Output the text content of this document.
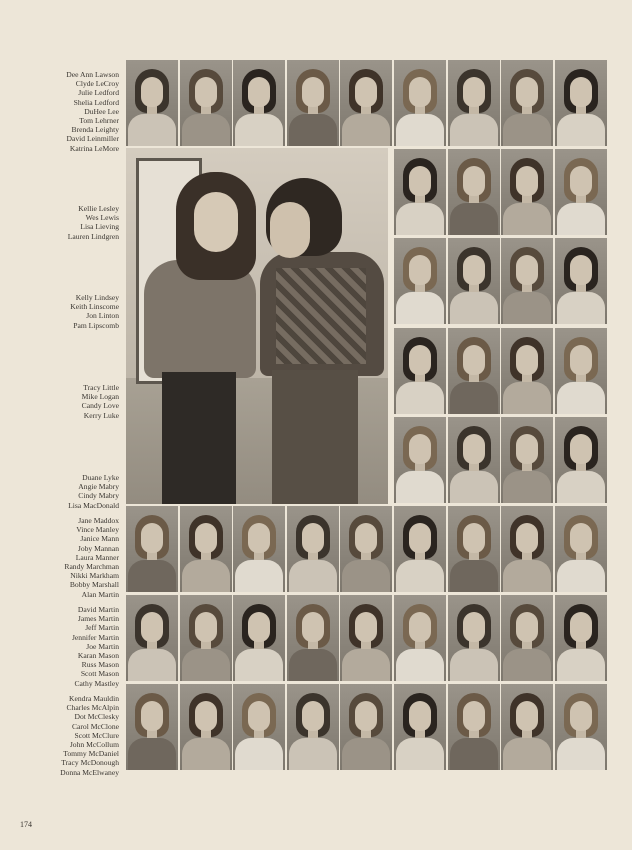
Dee Ann Lawson
Clyde LeCroy
Julie Ledford
Shelia Ledford
DuHee Lee
Tom Lehrner
Brenda Leighty
David Leinmiller
Katrina LeMore
Kellie Lesley
Wes Lewis
Lisa Lieving
Lauren Lindgren
Kelly Lindsey
Keith Linscome
Jon Linton
Pam Lipscomb
Tracy Little
Mike Logan
Candy Love
Kerry Luke
Duane Lyke
Angie Mabry
Cindy Mabry
Lisa MacDonald
Jane Maddox
Vince Manley
Janice Mann
Joby Mannan
Laura Manner
Randy Marchman
Nikki Markham
Bobby Marshall
Alan Martin
David Martin
James Martin
Jeff Martin
Jennifer Martin
Joe Martin
Karan Mason
Russ Mason
Scott Mason
Cathy Mastley
Kendra Mauldin
Charles McAlpin
Dot McClesky
Carol McClone
Scott McClure
John McCollum
Tommy McDaniel
Tracy McDonough
Donna McElwaney
174
